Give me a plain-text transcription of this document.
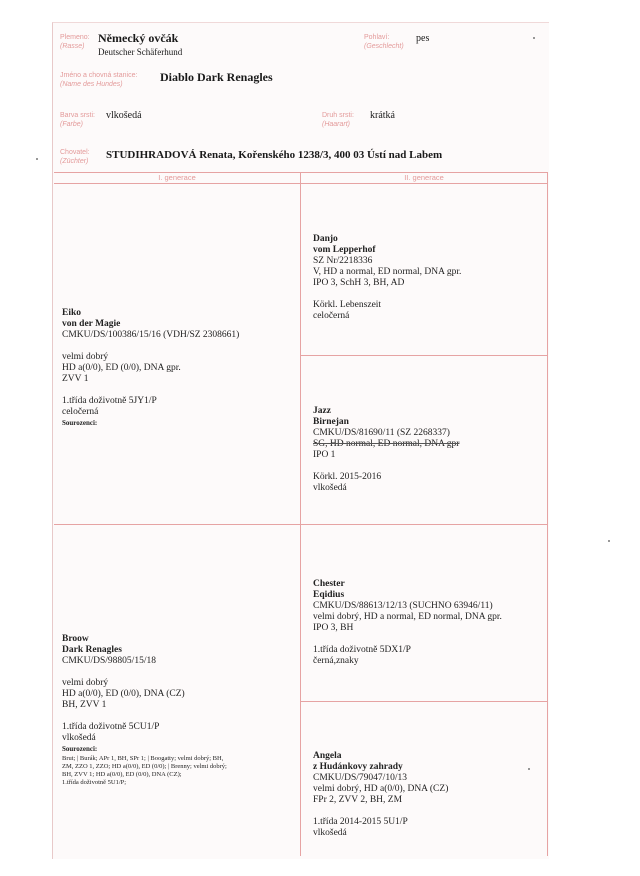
Plemeno:
(Rasse)
Německý ovčák
Deutscher Schäferhund
Pohlaví:
(Geschlecht)
pes
Jméno a chovná stanice:
(Name des Hundes)
Diablo Dark Renagles
Barva srsti:
(Farbe)
vlkošedá	Druh srsti:
(Haarart)
krátká
Chovatel:
(Züchter)
STUDIHRADOVÁ Renata, Kořenského 1238/3, 400 03 Ústí nad Labem
I. generace	II. generace
Eiko
von der Magie
CMKU/DS/100386/15/16 (VDH/SZ 2308661)
velmi dobrý
HD a(0/0), ED (0/0), DNA gpr.
ZVV 1
1.třída doživotně 5JY1/P
celočerná
Sourozenci:
Broow
Dark Renagles
CMKU/DS/98805/15/18
velmi dobrý
HD a(0/0), ED (0/0), DNA (CZ)
BH, ZVV 1
1.třída doživotně 5CU1/P
vlkošedá
Sourozenci:
Brut; | Burák; APr 1, BH, SPr 1; | Boogatty; velmi dobrý; BH,
ZM, ZZO 1, ZZO; HD a(0/0), ED (0/0); | Brenny; velmi dobrý;
BH, ZVV 1; HD a(0/0), ED (0/0), DNA (CZ);
1.třída doživotně 5U1/P;
Danjo
vom Lepperhof
SZ Nr/2218336
V, HD a normal, ED normal, DNA gpr.
IPO 3, SchH 3, BH, AD
Körkl. Lebenszeit
celočerná
Jazz
Birnejan
CMKU/DS/81690/11 (SZ 2268337)
SG, HD normal, ED normal, DNA gpr
IPO 1
Körkl. 2015-2016
vlkošedá
Chester
Eqidius
CMKU/DS/88613/12/13 (SUCHNO 63946/11)
velmi dobrý, HD a normal, ED normal, DNA gpr.
IPO 3, BH
1.třída doživotně 5DX1/P
černá,znaky
Angela
z Hudánkovy zahrady
CMKU/DS/79047/10/13
velmi dobrý, HD a(0/0), DNA (CZ)
FPr 2, ZVV 2, BH, ZM
1.třída 2014-2015 5U1/P
vlkošedá
